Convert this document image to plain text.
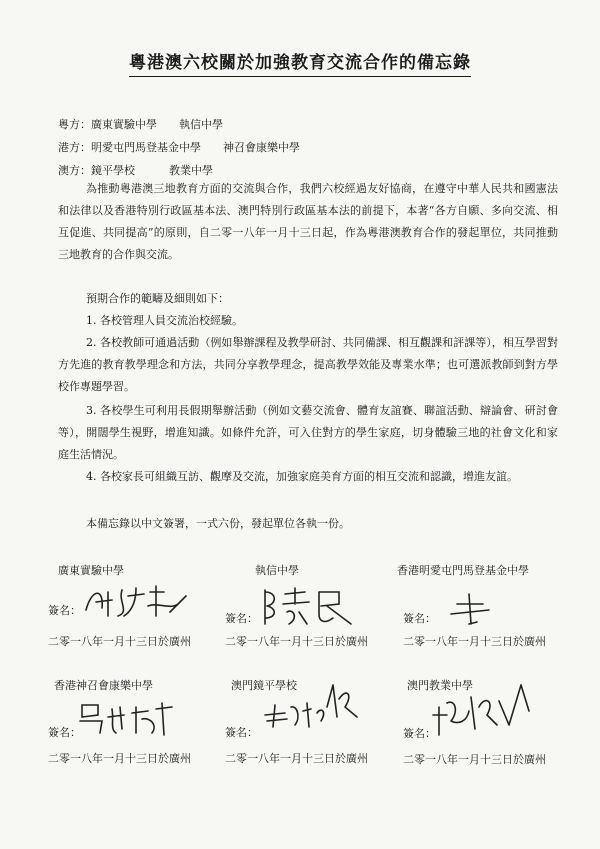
粵港澳六校關於加強教育交流合作的備忘錄
粵方：廣東實驗中學 執信中學
港方：明愛屯門馬登基金中學 神召會康樂中學
澳方：鏡平學校	教業中學
為推動粵港澳三地教育方面的交流與合作，我們六校經過友好協商，在遵守中華人民共和國憲法和法律以及香港特別行政區基本法、澳門特別行政區基本法的前提下，本著“各方自願、多向交流、相互促進、共同提高”的原則，自二零一八年一月十三日起，作為粵港澳教育合作的發起單位，共同推動三地教育的合作與交流。
預期合作的範疇及細則如下：
1. 各校管理人員交流治校經驗。
2. 各校教師可通過活動（例如舉辦課程及教學研討、共同備課、相互觀課和評課等），相互學習對方先進的教育教學理念和方法，共同分享教學理念，提高教學效能及專業水準；也可選派教師到對方學校作專題學習。
3. 各校學生可利用長假期舉辦活動（例如文藝交流會、體育友誼賽、聯誼活動、辯論會、研討會等），開闊學生視野，增進知識。如條件允許，可入住對方的學生家庭，切身體驗三地的社會文化和家庭生活情況。
4. 各校家長可組織互訪、觀摩及交流，加強家庭美育方面的相互交流和認識，增進友誼。
本備忘錄以中文簽署，一式六份，發起單位各執一份。
廣東實驗中學
簽名：
二零一八年一月十三日於廣州
執信中學
簽名：
二零一八年一月十三日於廣州
香港明愛屯門馬登基金中學
簽名：
二零一八年一月十三日於廣州
香港神召會康樂中學
簽名：
二零一八年一月十三日於廣州
澳門鏡平學校
簽名：
二零一八年一月十三日於廣州
澳門教業中學
簽名：
二零一八年一月十三日於廣州
